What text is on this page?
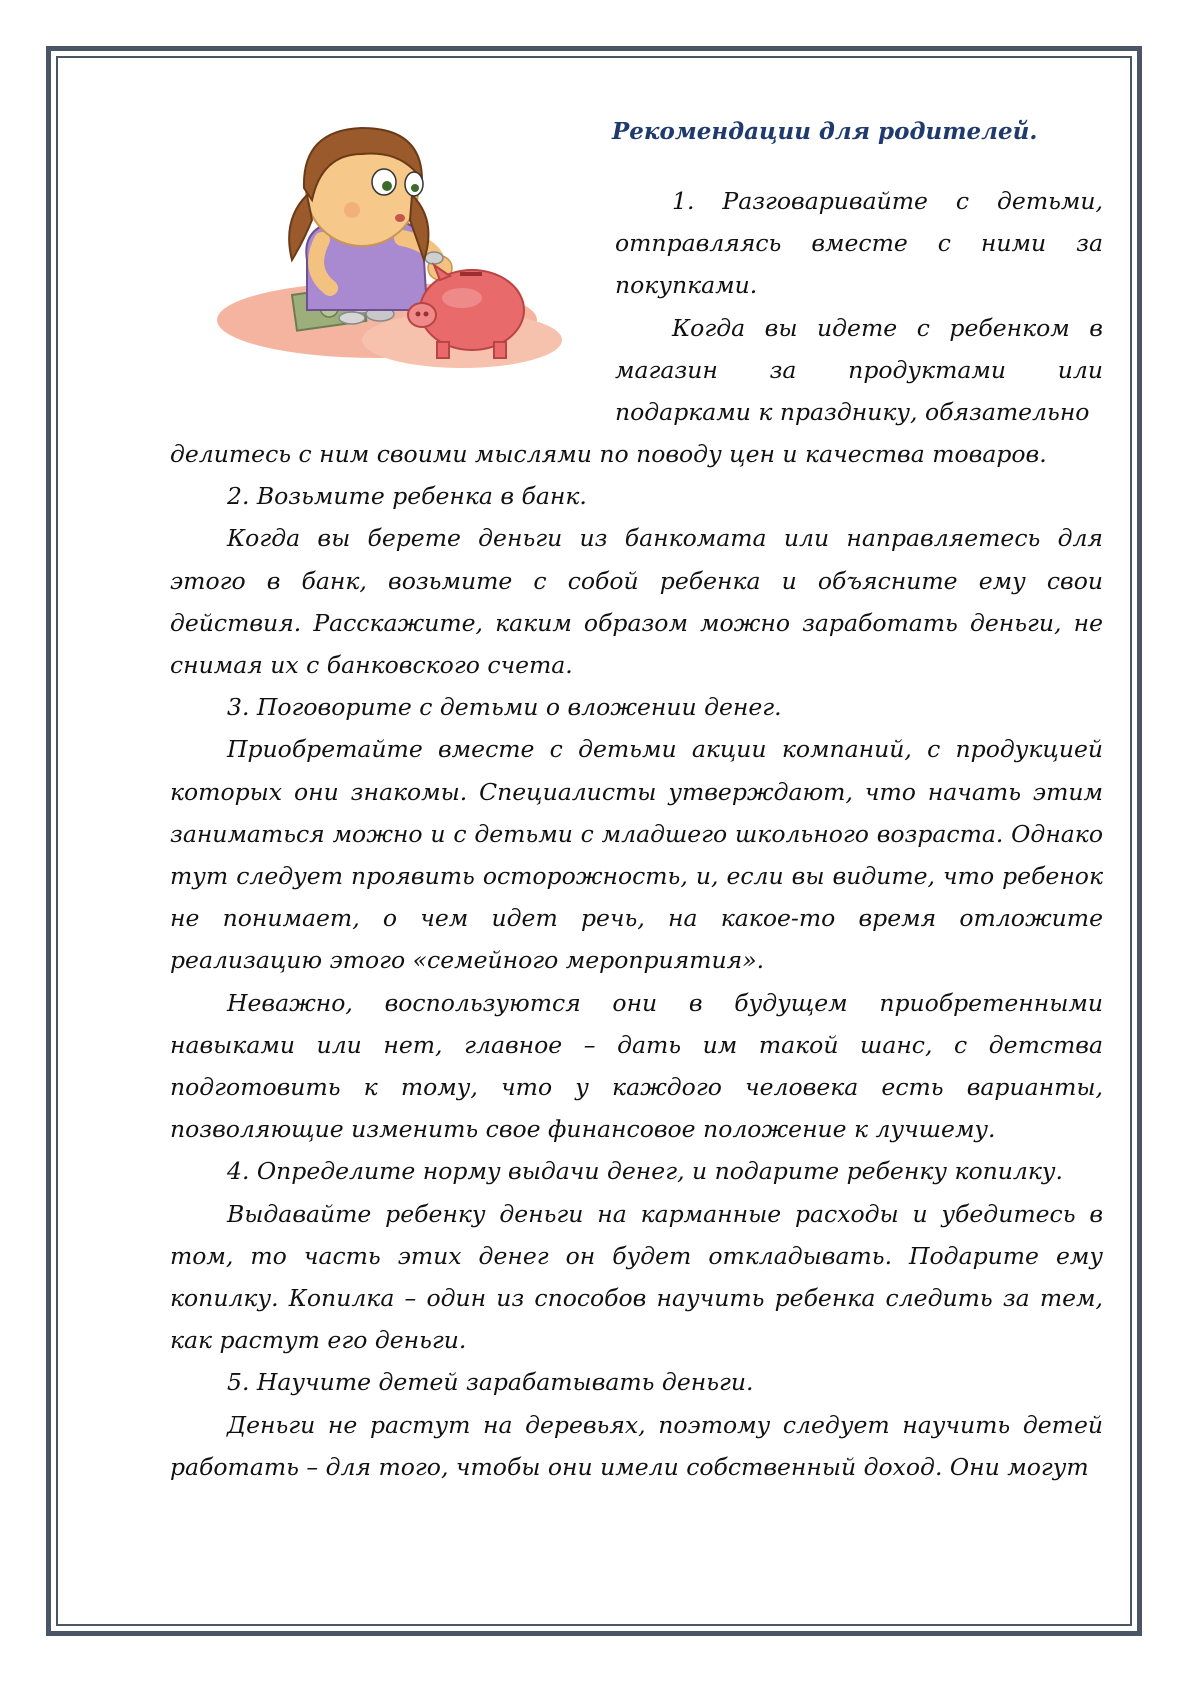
Рекомендации для родителей.

1. Разговаривайте с детьми, отправляясь вместе с ними за покупками.

Когда вы идете с ребенком в магазин за продуктами или подарками к празднику, обязательно

делитесь с ним своими мыслями по поводу цен и качества товаров.

2. Возьмите ребенка в банк.

Когда вы берете деньги из банкомата или направляетесь для этого в банк, возьмите с собой ребенка и объясните ему свои действия. Расскажите, каким образом можно заработать деньги, не снимая их с банковского счета.

3. Поговорите с детьми о вложении денег.

Приобретайте вместе с детьми акции компаний, с продукцией которых они знакомы. Специалисты утверждают, что начать этим заниматься можно и с детьми с младшего школьного возраста. Однако тут следует проявить осторожность, и, если вы видите, что ребенок не понимает, о чем идет речь, на какое-то время отложите реализацию этого «семейного мероприятия».

Неважно, воспользуются они в будущем приобретенными навыками или нет, главное – дать им такой шанс, с детства подготовить к тому, что у каждого человека есть варианты, позволяющие изменить свое финансовое положение к лучшему.

4. Определите норму выдачи денег, и подарите ребенку копилку.

Выдавайте ребенку деньги на карманные расходы и убедитесь в том, то часть этих денег он будет откладывать. Подарите ему копилку. Копилка – один из способов научить ребенка следить за тем, как растут его деньги.

5. Научите детей зарабатывать деньги.

Деньги не растут на деревьях, поэтому следует научить детей работать – для того, чтобы они имели собственный доход. Они могут
